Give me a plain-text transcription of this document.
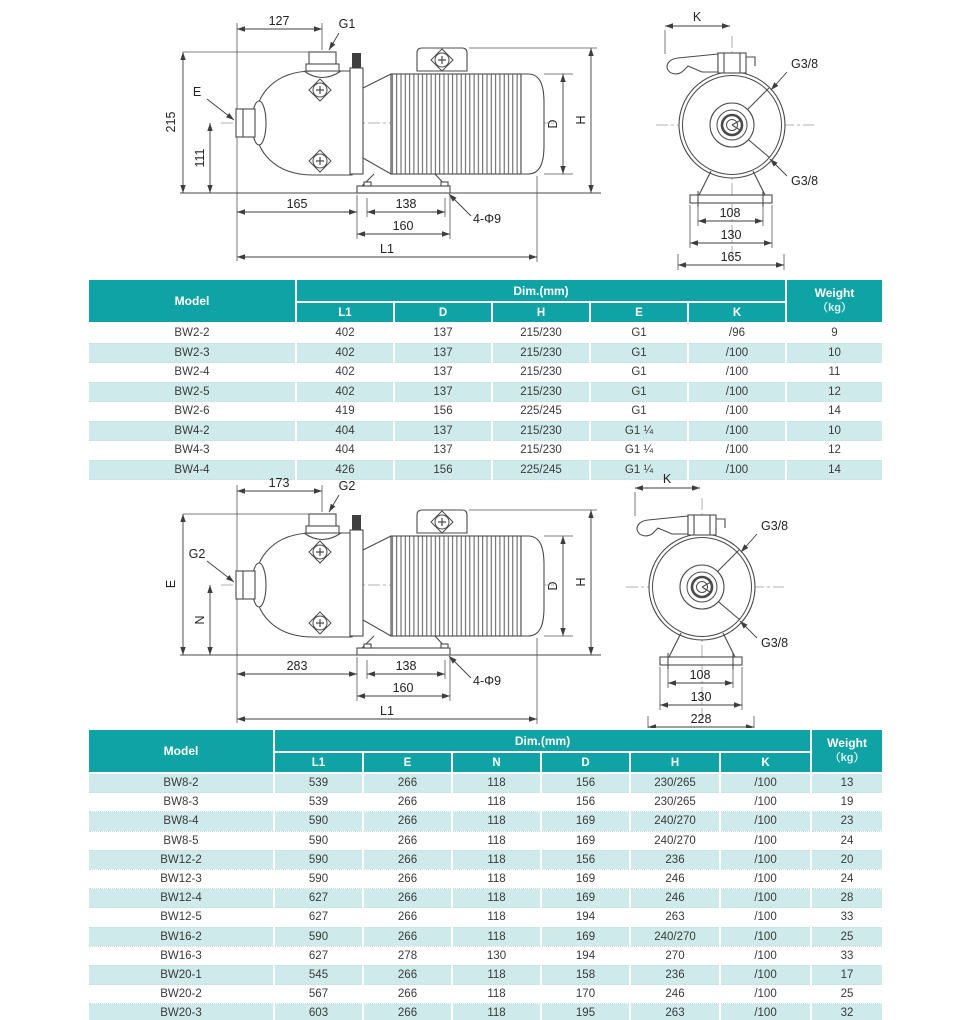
127	G1
E
215
111
D H
165	138
160
L1
4-Φ9
K
G3/8
G3/8
108
130
165
Model	Dim.(mm)					Weight
（kg）
	L1	D	H	E	K	
BW2-2	402	137	215/230	G1	/96	9
BW2-3	402	137	215/230	G1	/100	10
BW2-4	402	137	215/230	G1	/100	11
BW2-5	402	137	215/230	G1	/100	12
BW2-6	419	156	225/245	G1	/100	14
BW4-2	404	137	215/230	G1 ¼	/100	10
BW4-3	404	137	215/230	G1 ¼	/100	12
BW4-4	426	156	225/245	G1 ¼	/100	14
173	G2
G2
E
N
D H
283	138
160
L1
4-Φ9
K
G3/8
G3/8
108
130
228
Model	Dim.(mm)						Weight
（kg）
	L1	E	N	D	H	K	
BW8-2	539	266	118	156	230/265	/100	13
BW8-3	539	266	118	156	230/265	/100	19
BW8-4	590	266	118	169	240/270	/100	23
BW8-5	590	266	118	169	240/270	/100	24
BW12-2	590	266	118	156	236	/100	20
BW12-3	590	266	118	169	246	/100	24
BW12-4	627	266	118	169	246	/100	28
BW12-5	627	266	118	194	263	/100	33
BW16-2	590	266	118	169	240/270	/100	25
BW16-3	627	278	130	194	270	/100	33
BW20-1	545	266	118	158	236	/100	17
BW20-2	567	266	118	170	246	/100	25
BW20-3	603	266	118	195	263	/100	32
